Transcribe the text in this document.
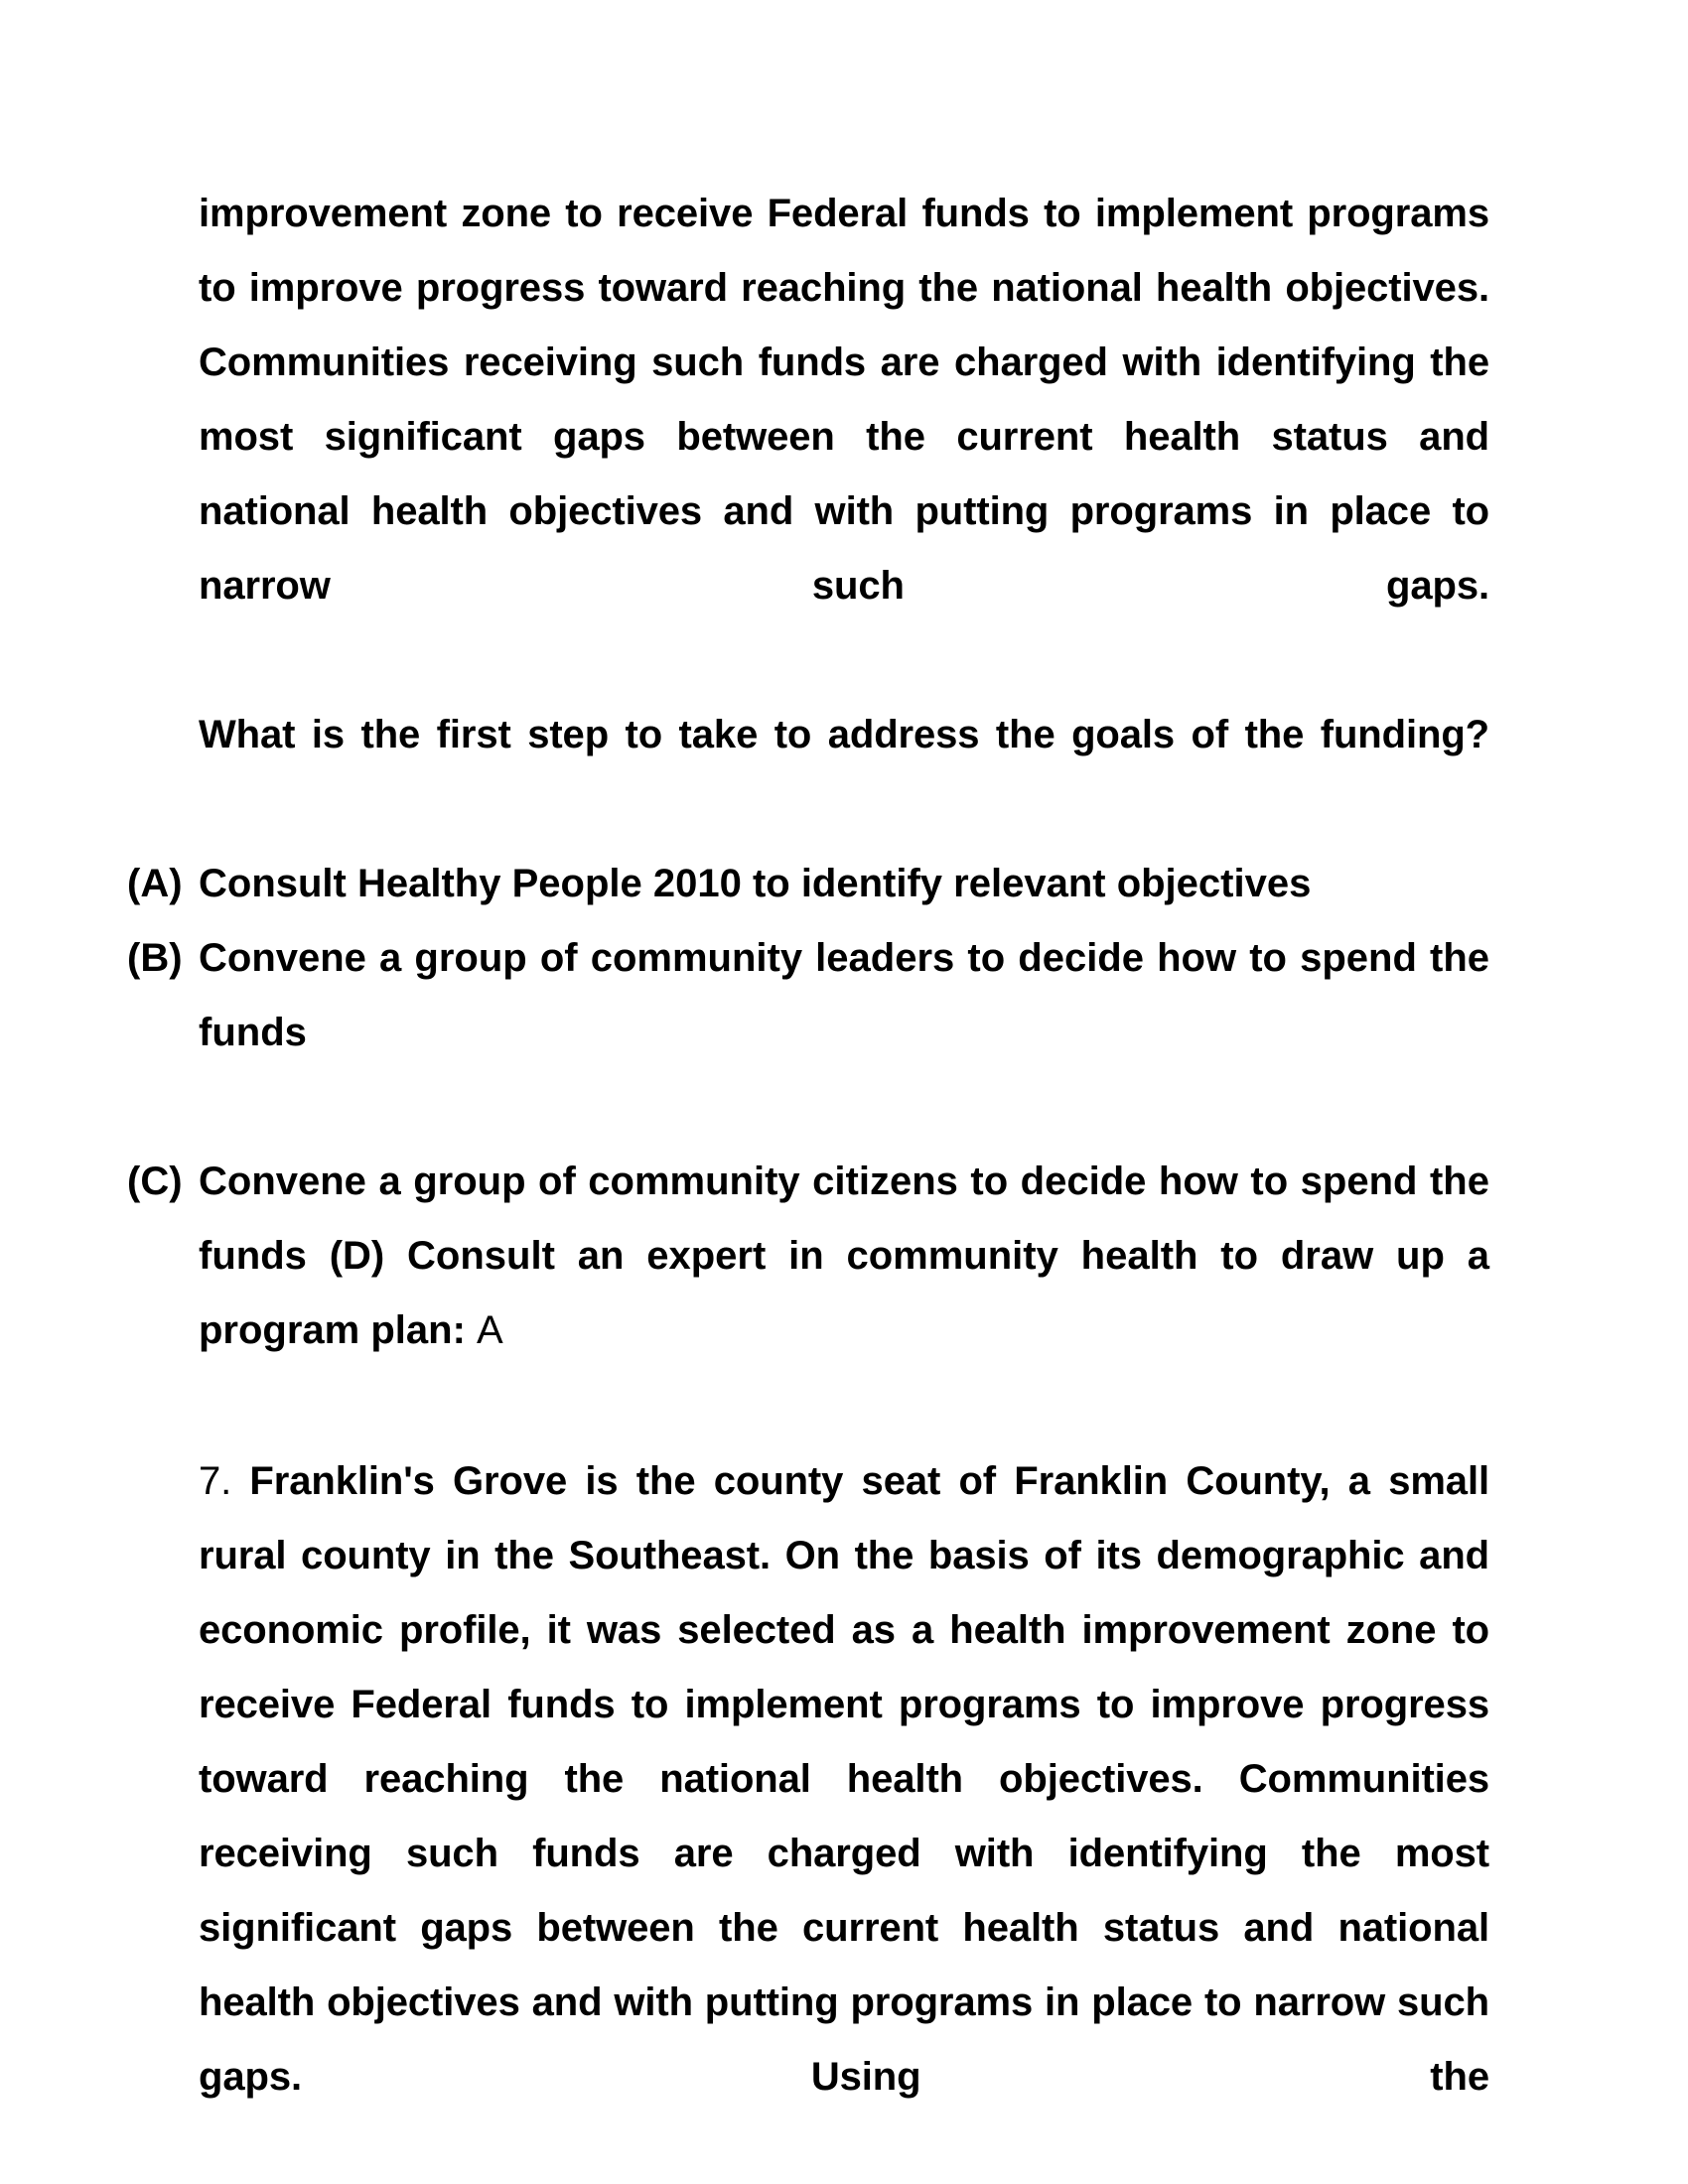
improvement zone to receive Federal funds to implement programs to improve progress toward reaching the national health objectives. Communities receiving such funds are charged with identifying the most significant gaps between the current health status and national health objectives and with putting programs in place to narrow such gaps.

What is the first step to take to address the goals of the funding?

(A) Consult Healthy People 2010 to identify relevant objectives
(B) Convene a group of community leaders to decide how to spend the funds
(C) Convene a group of community citizens to decide how to spend the funds (D) Consult an expert in community health to draw up a program plan: A

7. Franklin's Grove is the county seat of Franklin County, a small rural county in the Southeast. On the basis of its demographic and economic profile, it was selected as a health improvement zone to receive Federal funds to implement programs to improve progress toward reaching the national health objectives. Communities receiving such funds are charged with identifying the most significant gaps between the current health status and national health objectives and with putting programs in place to narrow such gaps. Using the
